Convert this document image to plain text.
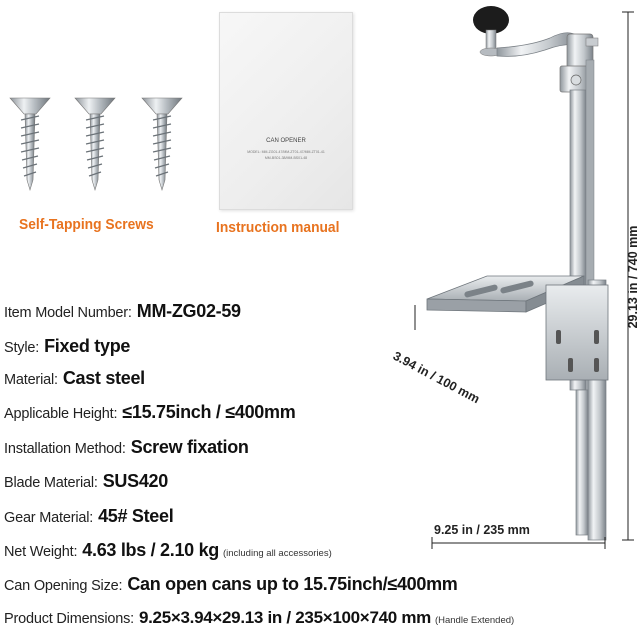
Self-Tapping Screws
CAN OPENER
MODEL: MM-ZG01-47/MM-ZT01-47/MM-ZT01-41
MM-BS01-38/MM-BS01-48
Instruction manual
Item Model Number: MM-ZG02-59
Style: Fixed type
Material: Cast steel
Applicable Height: ≤15.75inch / ≤400mm
Installation Method: Screw fixation
Blade Material: SUS420
Gear Material: 45# Steel
Net Weight: 4.63 lbs / 2.10 kg (including all accessories)
Can Opening Size: Can open cans up to 15.75inch/≤400mm
Product Dimensions: 9.25×3.94×29.13 in / 235×100×740 mm (Handle Extended)
29.13 in / 740 mm
3.94 in / 100 mm
9.25 in / 235 mm
